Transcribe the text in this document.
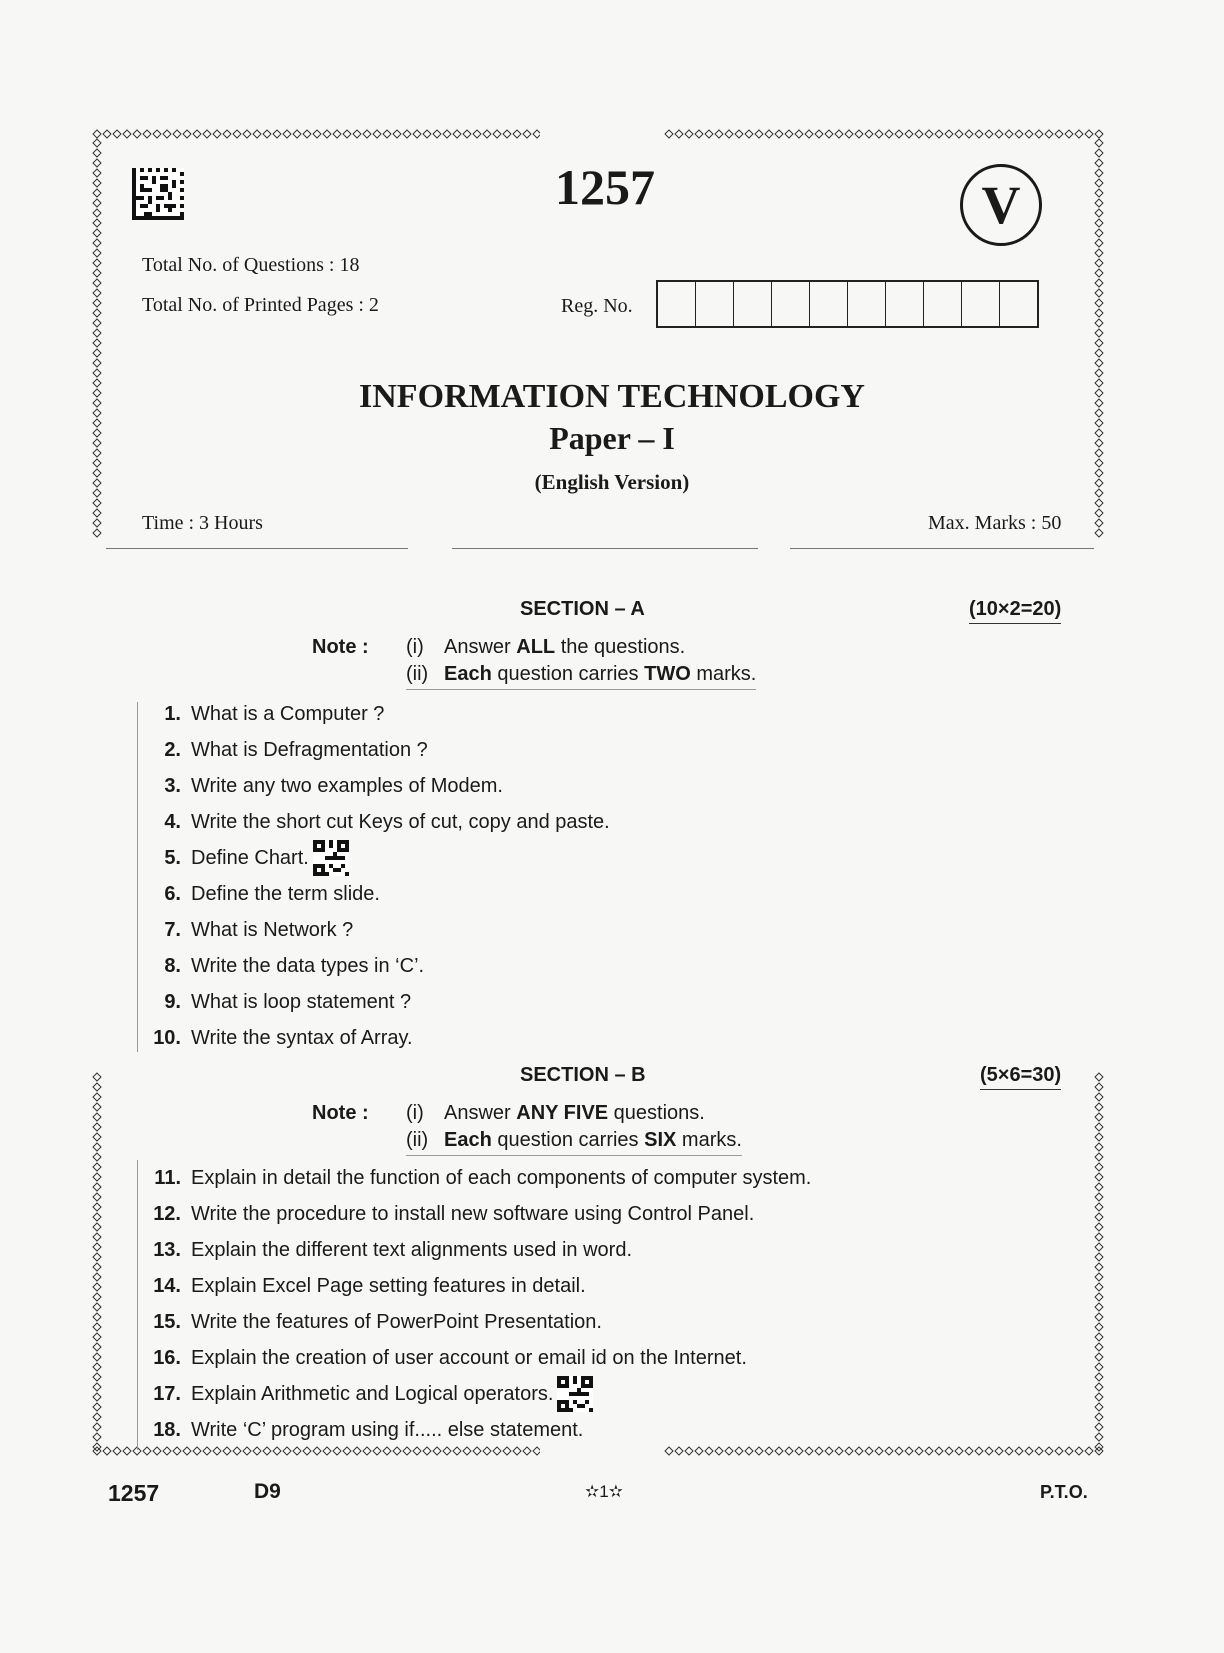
1257	V
Total No. of Questions : 18
Total No. of Printed Pages : 2	Reg. No.
INFORMATION TECHNOLOGY
Paper – I
(English Version)
Time : 3 Hours	Max. Marks : 50
SECTION – A	(10×2=20)
Note : (i) Answer ALL the questions.
(ii) Each question carries TWO marks.
1. What is a Computer ?
2. What is Defragmentation ?
3. Write any two examples of Modem.
4. Write the short cut Keys of cut, copy and paste.
5. Define Chart.
6. Define the term slide.
7. What is Network ?
8. Write the data types in ‘C’.
9. What is loop statement ?
10. Write the syntax of Array.
SECTION – B	(5×6=30)
Note : (i) Answer ANY FIVE questions.
(ii) Each question carries SIX marks.
11. Explain in detail the function of each components of computer system.
12. Write the procedure to install new software using Control Panel.
13. Explain the different text alignments used in word.
14. Explain Excel Page setting features in detail.
15. Write the features of PowerPoint Presentation.
16. Explain the creation of user account or email id on the Internet.
17. Explain Arithmetic and Logical operators.
18. Write ‘C’ program using if..... else statement.
1257	D9	✫1✫	P.T.O.
